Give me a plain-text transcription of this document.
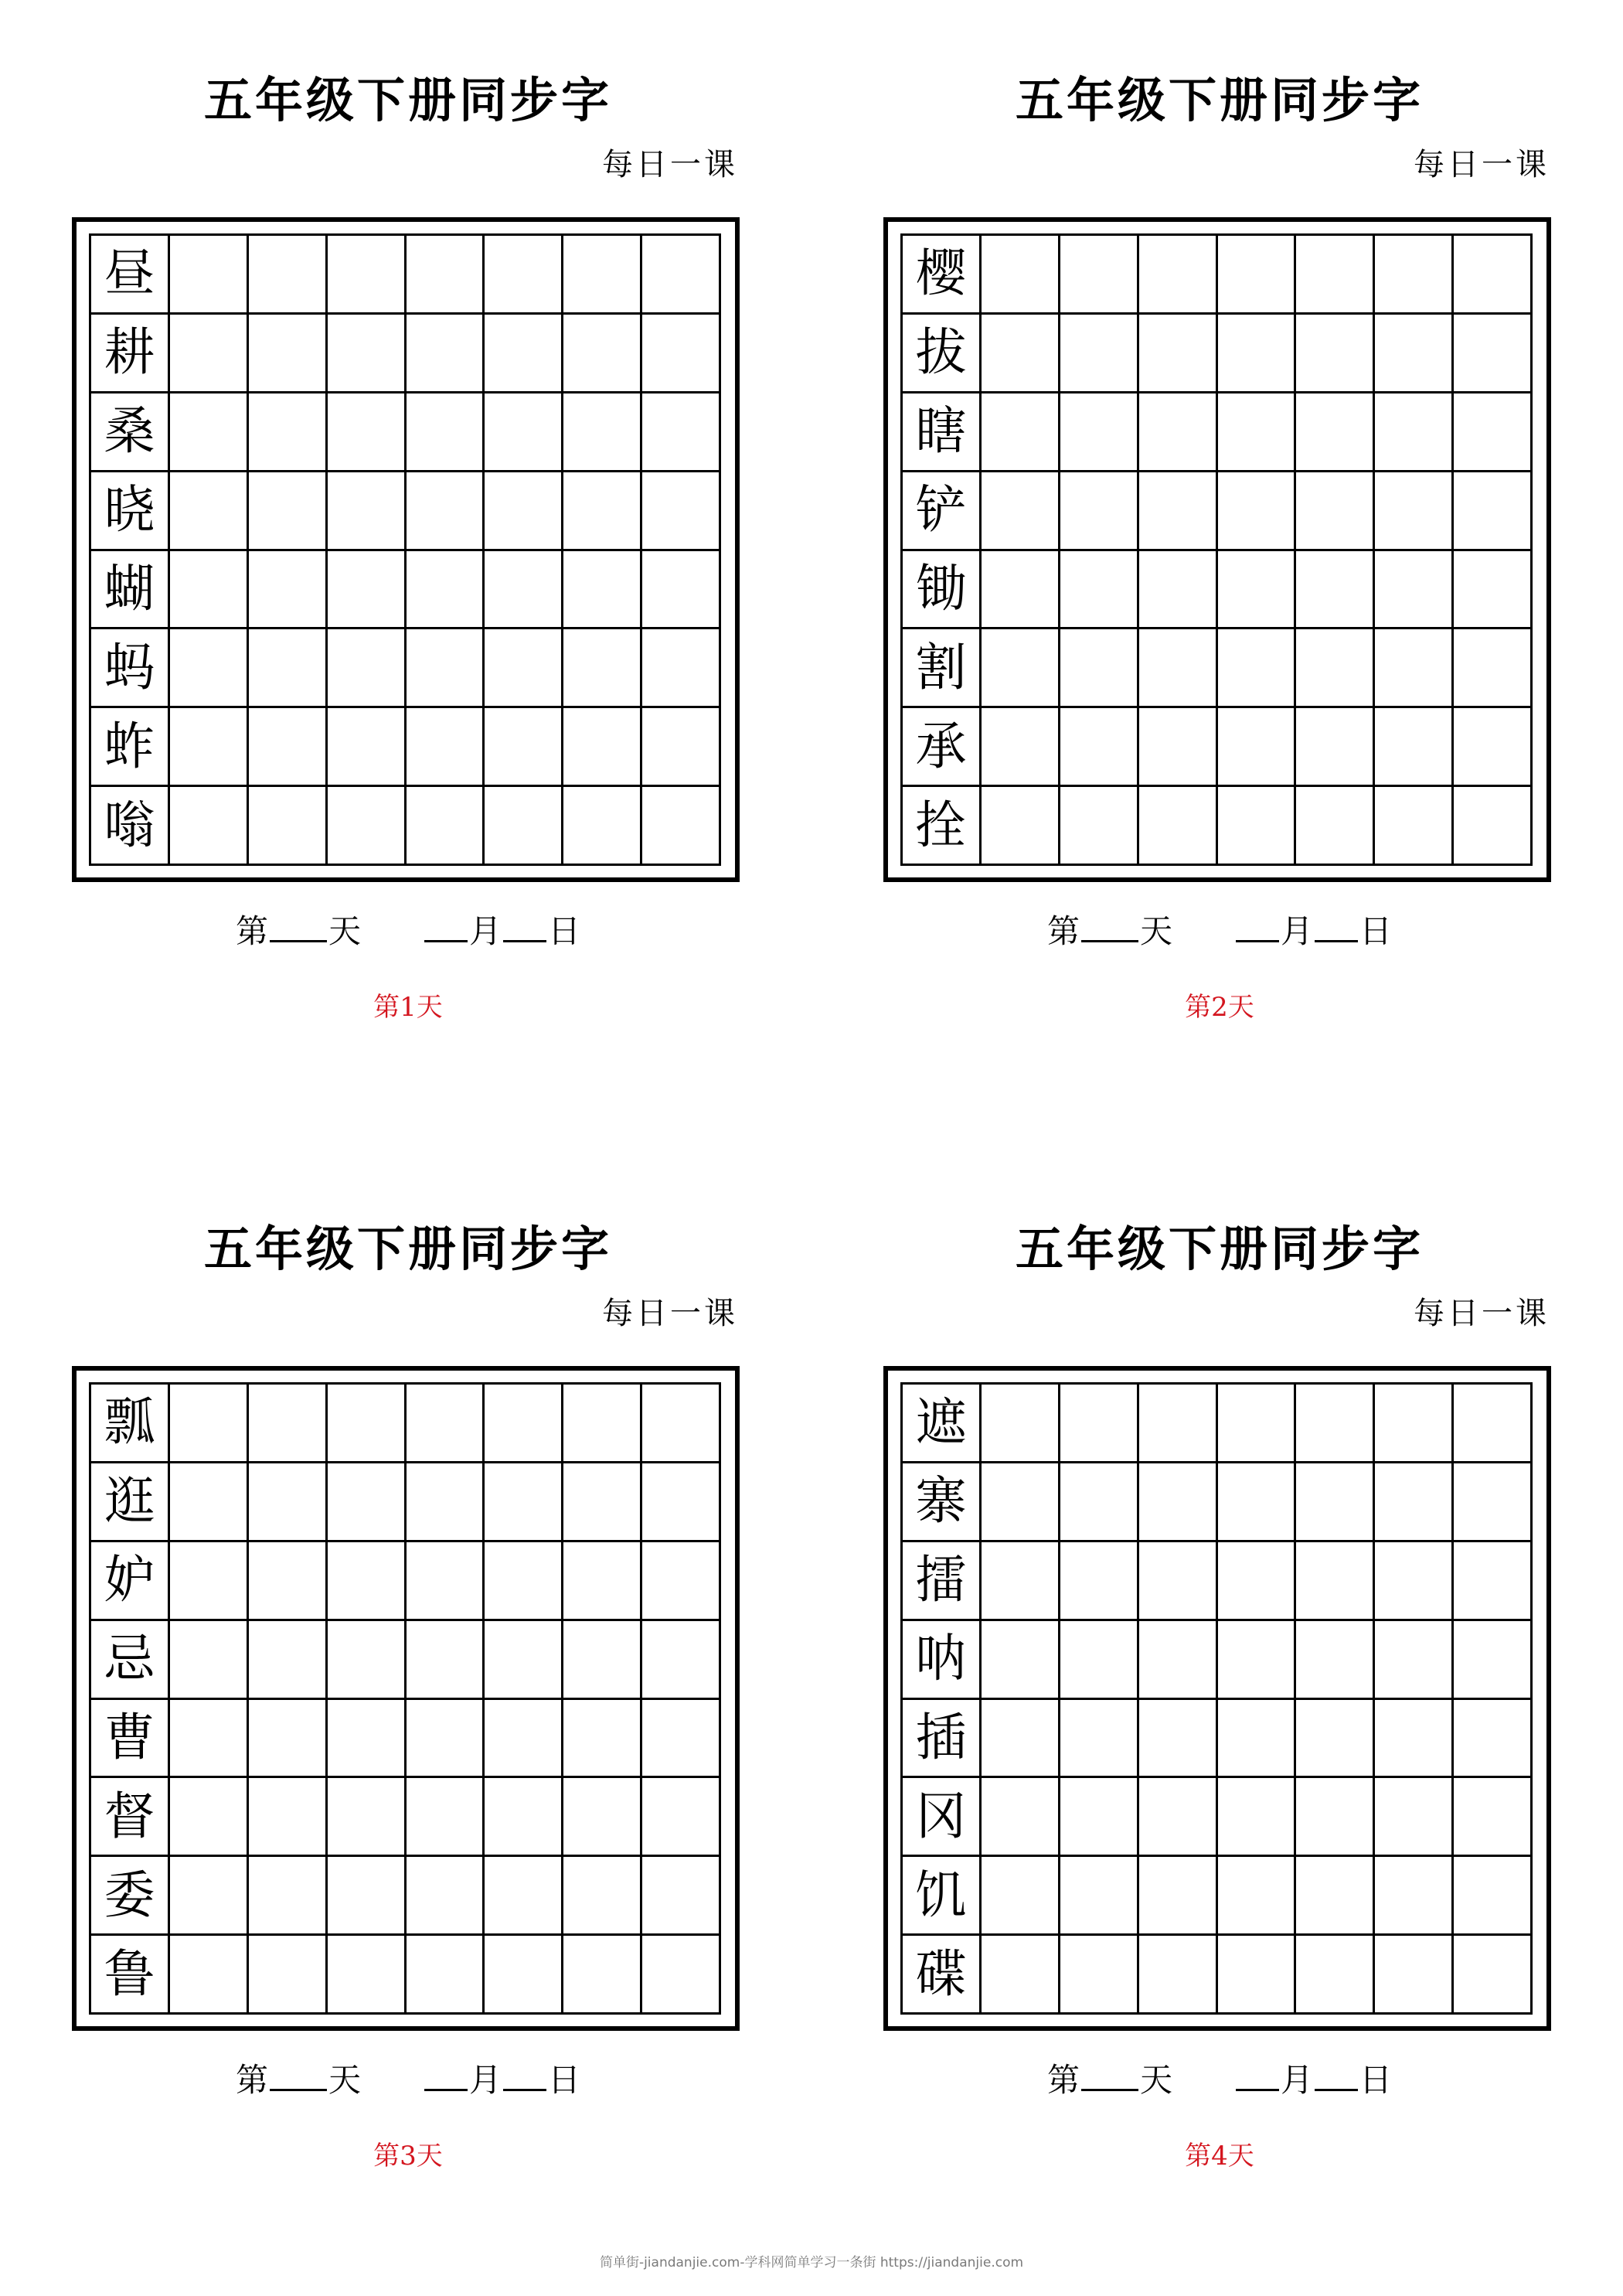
五年级下册同步字
每日一课
昼
耕
桑
晓
蝴
蚂
蚱
嗡
第 天	月 日
第1天
五年级下册同步字
每日一课
樱
拔
瞎
铲
锄
割
承
拴
第 天	月 日
第2天
五年级下册同步字
每日一课
瓢
逛
妒
忌
曹
督
委
鲁
第 天	月 日
第3天
五年级下册同步字
每日一课
遮
寨
擂
呐
插
冈
饥
碟
第 天	月 日
第4天
简单街-jiandanjie.com-学科网简单学习一条街 https://jiandanjie.com
